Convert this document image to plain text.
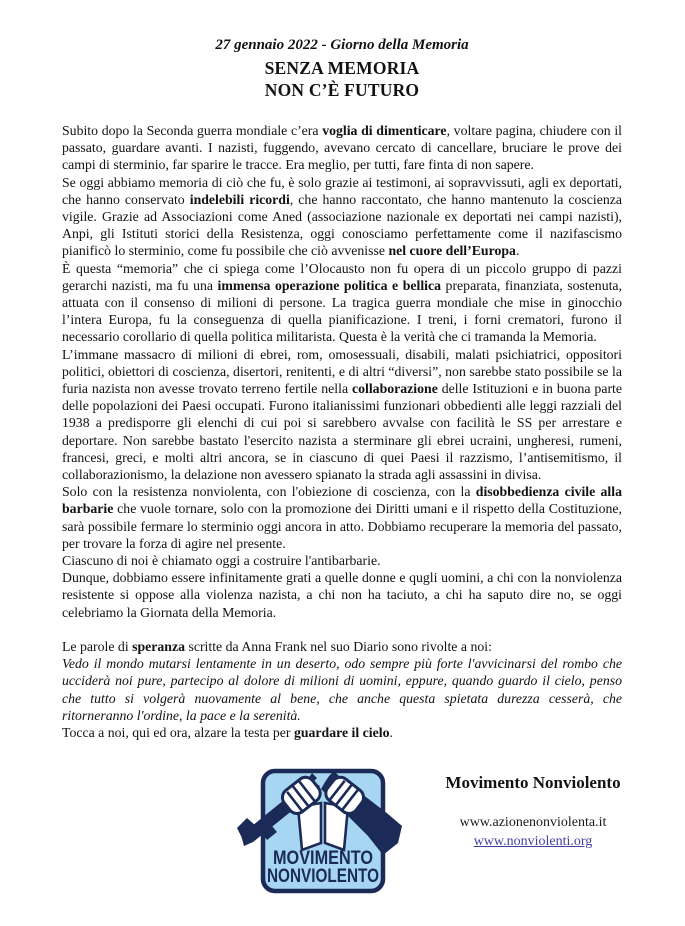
27 gennaio 2022 - Giorno della Memoria
SENZA MEMORIA
NON C’È FUTURO

Subito dopo la Seconda guerra mondiale c’era voglia di dimenticare, voltare pagina, chiudere con il passato, guardare avanti. I nazisti, fuggendo, avevano cercato di cancellare, bruciare le prove dei campi di sterminio, far sparire le tracce. Era meglio, per tutti, fare finta di non sapere.

Se oggi abbiamo memoria di ciò che fu, è solo grazie ai testimoni, ai sopravvissuti, agli ex deportati, che hanno conservato indelebili ricordi, che hanno raccontato, che hanno mantenuto la coscienza vigile. Grazie ad Associazioni come Aned (associazione nazionale ex deportati nei campi nazisti), Anpi, gli Istituti storici della Resistenza, oggi conosciamo perfettamente come il nazifascismo pianificò lo sterminio, come fu possibile che ciò avvenisse nel cuore dell’Europa.

È questa “memoria” che ci spiega come l’Olocausto non fu opera di un piccolo gruppo di pazzi gerarchi nazisti, ma fu una immensa operazione politica e bellica preparata, finanziata, sostenuta, attuata con il consenso di milioni di persone. La tragica guerra mondiale che mise in ginocchio l’intera Europa, fu la conseguenza di quella pianificazione. I treni, i forni crematori, furono il necessario corollario di quella politica militarista. Questa è la verità che ci tramanda la Memoria.

L’immane massacro di milioni di ebrei, rom, omosessuali, disabili, malati psichiatrici, oppositori politici, obiettori di coscienza, disertori, renitenti, e di altri “diversi”, non sarebbe stato possibile se la furia nazista non avesse trovato terreno fertile nella collaborazione delle Istituzioni e in buona parte delle popolazioni dei Paesi occupati. Furono italianissimi funzionari obbedienti alle leggi razziali del 1938 a predisporre gli elenchi di cui poi si sarebbero avvalse con facilità le SS per arrestare e deportare. Non sarebbe bastato l'esercito nazista a sterminare gli ebrei ucraini, ungheresi, rumeni, francesi, greci, e molti altri ancora, se in ciascuno di quei Paesi il razzismo, l’antisemitismo, il collaborazionismo, la delazione non avessero spianato la strada agli assassini in divisa.

Solo con la resistenza nonviolenta, con l'obiezione di coscienza, con la disobbedienza civile alla barbarie che vuole tornare, solo con la promozione dei Diritti umani e il rispetto della Costituzione, sarà possibile fermare lo sterminio oggi ancora in atto. Dobbiamo recuperare la memoria del passato, per trovare la forza di agire nel presente.

Ciascuno di noi è chiamato oggi a costruire l'antibarbarie.

Dunque, dobbiamo essere infinitamente grati a quelle donne e qugli uomini, a chi con la nonviolenza resistente si oppose alla violenza nazista, a chi non ha taciuto, a chi ha saputo dire no, se oggi celebriamo la Giornata della Memoria.

Le parole di speranza scritte da Anna Frank nel suo Diario sono rivolte a noi:

Vedo il mondo mutarsi lentamente in un deserto, odo sempre più forte l'avvicinarsi del rombo che ucciderà noi pure, partecipo al dolore di milioni di uomini, eppure, quando guardo il cielo, penso che tutto si volgerà nuovamente al bene, che anche questa spietata durezza cesserà, che ritorneranno l'ordine, la pace e la serenità.

Tocca a noi, qui ed ora, alzare la testa per guardare il cielo.

MOVIMENTO
NONVIOLENTO
Movimento Nonviolento
www.azionenonviolenta.it
www.nonviolenti.org
